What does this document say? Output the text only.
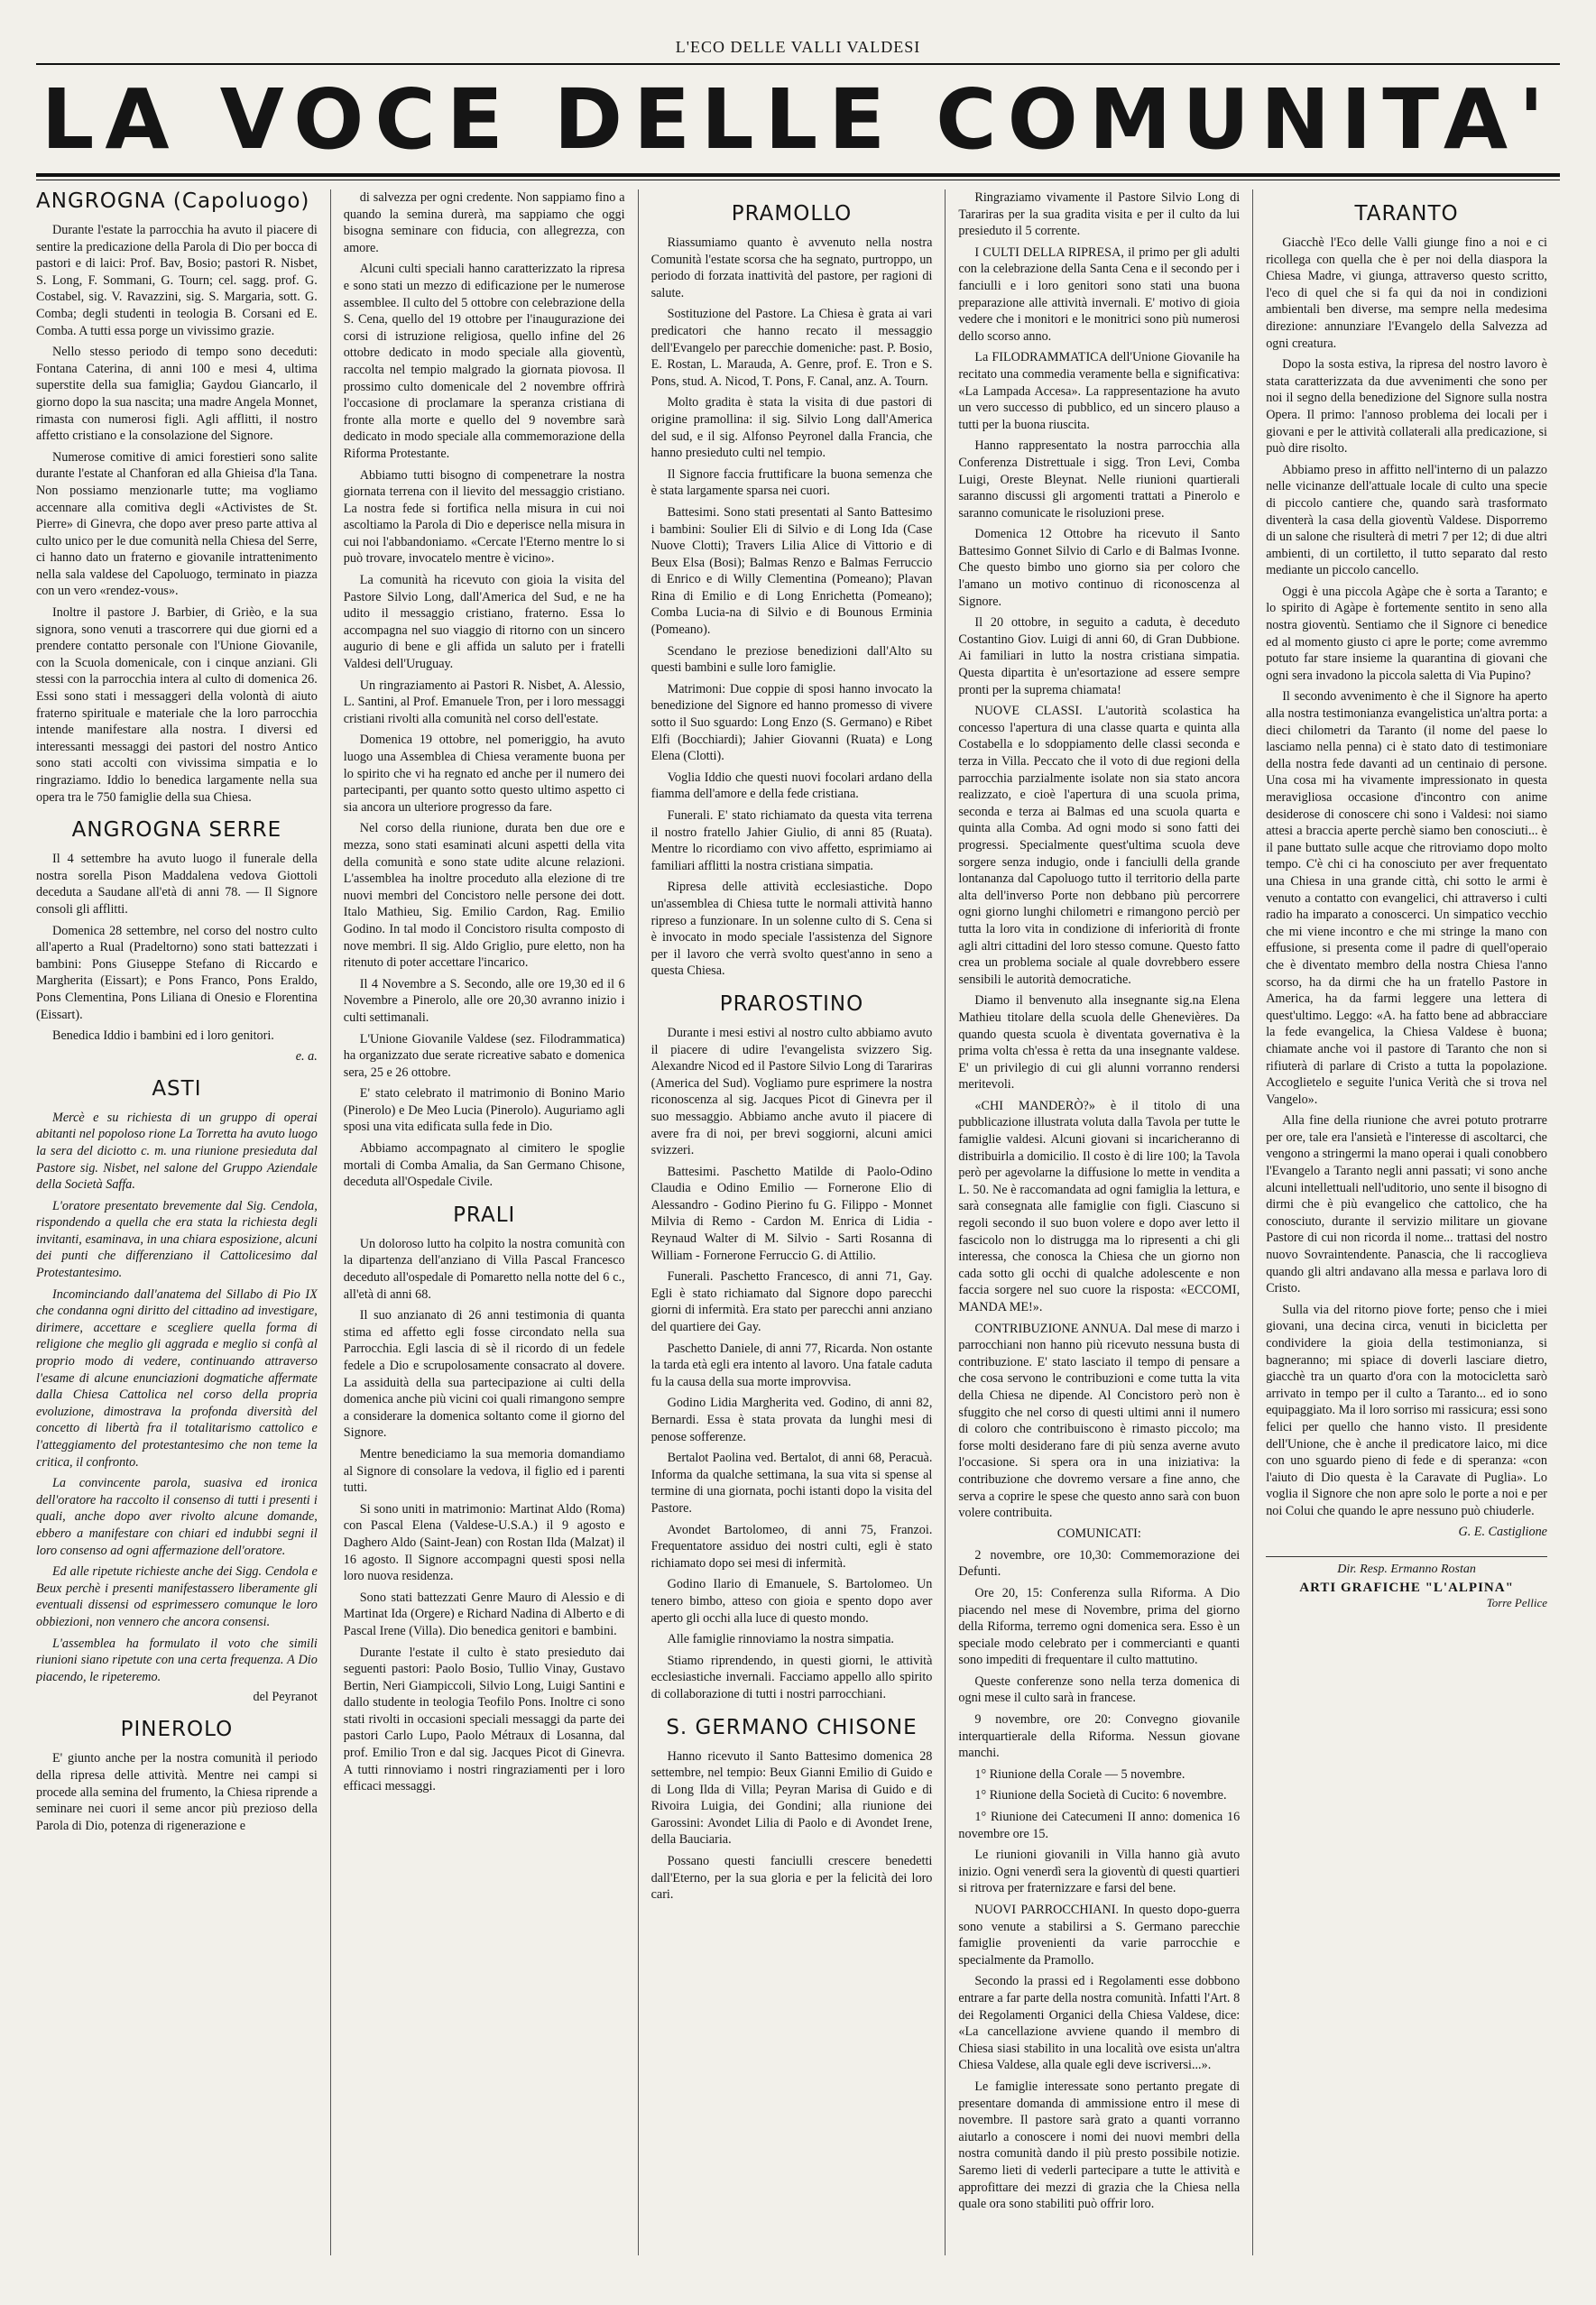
L'ECO DELLE VALLI VALDESI
LA VOCE DELLE COMUNITA'
ANGROGNA (Capoluogo)

Durante l'estate la parrocchia ha avuto il piacere di sentire la predicazione della Parola di Dio per bocca di pastori e di laici: Prof. Bav, Bosio; pastori R. Nisbet, S. Long, F. Sommani, G. Tourn; cel. sagg. prof. G. Costabel, sig. V. Ravazzini, sig. S. Margaria, sott. G. Comba; degli studenti in teologia B. Corsani ed E. Comba. A tutti essa porge un vivissimo grazie.

Nello stesso periodo di tempo sono deceduti: Fontana Caterina, di anni 100 e mesi 4, ultima superstite della sua famiglia; Gaydou Giancarlo, il giorno dopo la sua nascita; una madre Angela Monnet, rimasta con numerosi figli. Agli afflitti, il nostro affetto cristiano e la consolazione del Signore.

Numerose comitive di amici forestieri sono salite durante l'estate al Chanforan ed alla Ghieisa d'la Tana. Non possiamo menzionarle tutte; ma vogliamo accennare alla comitiva degli «Activistes de St. Pierre» di Ginevra, che dopo aver preso parte attiva al culto unico per le due comunità nella Chiesa del Serre, ci hanno dato un fraterno e giovanile intrattenimento nella sala valdese del Capoluogo, terminato in piazza con un vero «rendez-vous».

Inoltre il pastore J. Barbier, di Grièo, e la sua signora, sono venuti a trascorrere qui due giorni ed a prendere contatto personale con l'Unione Giovanile, con la Scuola domenicale, con i cinque anziani. Gli stessi con la parrocchia intera al culto di domenica 26. Essi sono stati i messaggeri della volontà di aiuto fraterno spirituale e materiale che la loro parrocchia intende manifestare alla nostra. I diversi ed interessanti messaggi dei pastori del nostro Antico sono stati accolti con vivissima simpatia e lo ringraziamo. Iddio lo benedica largamente nella sua opera tra le 750 famiglie della sua Chiesa.

ANGROGNA SERRE

Il 4 settembre ha avuto luogo il funerale della nostra sorella Pison Maddalena vedova Giottoli deceduta a Saudane all'età di anni 78. — Il Signore consoli gli afflitti.

Domenica 28 settembre, nel corso del nostro culto all'aperto a Rual (Pradeltorno) sono stati battezzati i bambini: Pons Giuseppe Stefano di Riccardo e Margherita (Eissart); e Pons Franco, Pons Eraldo, Pons Clementina, Pons Liliana di Onesio e Florentina (Eissart).

Benedica Iddio i bambini ed i loro genitori.

e. a.
ASTI

Mercè e su richiesta di un gruppo di operai abitanti nel popoloso rione La Torretta ha avuto luogo la sera del diciotto c. m. una riunione presieduta dal Pastore sig. Nisbet, nel salone del Gruppo Aziendale della Società Saffa.

L'oratore presentato brevemente dal Sig. Cendola, rispondendo a quella che era stata la richiesta degli invitanti, esaminava, in una chiara esposizione, alcuni dei punti che differenziano il Cattolicesimo dal Protestantesimo.

Incominciando dall'anatema del Sillabo di Pio IX che condanna ogni diritto del cittadino ad investigare, dirimere, accettare e scegliere quella forma di religione che meglio gli aggrada e meglio si confà al proprio modo di vedere, continuando attraverso l'esame di alcune enunciazioni dogmatiche affermate dalla Chiesa Cattolica nel corso della propria evoluzione, dimostrava la profonda diversità del concetto di libertà fra il totalitarismo cattolico e l'atteggiamento del protestantesimo che non teme la critica, il confronto.

La convincente parola, suasiva ed ironica dell'oratore ha raccolto il consenso di tutti i presenti i quali, anche dopo aver rivolto alcune domande, ebbero a manifestare con chiari ed indubbi segni il loro consenso ad ogni affermazione dell'oratore.

Ed alle ripetute richieste anche dei Sigg. Cendola e Beux perchè i presenti manifestassero liberamente gli eventuali dissensi od esprimessero comunque le loro obbiezioni, non vennero che ancora consensi.

L'assemblea ha formulato il voto che simili riunioni siano ripetute con una certa frequenza. A Dio piacendo, le ripeteremo.

del Peyranot
PINEROLO

E' giunto anche per la nostra comunità il periodo della ripresa delle attività. Mentre nei campi si procede alla semina del frumento, la Chiesa riprende a seminare nei cuori il seme ancor più prezioso della Parola di Dio, potenza di rigenerazione e

di salvezza per ogni credente. Non sappiamo fino a quando la semina durerà, ma sappiamo che oggi bisogna seminare con fiducia, con allegrezza, con amore.

Alcuni culti speciali hanno caratterizzato la ripresa e sono stati un mezzo di edificazione per le numerose assemblee. Il culto del 5 ottobre con celebrazione della S. Cena, quello del 19 ottobre per l'inaugurazione dei corsi di istruzione religiosa, quello infine del 26 ottobre dedicato in modo speciale alla gioventù, raccolta nel tempio malgrado la giornata piovosa. Il prossimo culto domenicale del 2 novembre offrirà l'occasione di proclamare la speranza cristiana di fronte alla morte e quello del 9 novembre sarà dedicato in modo speciale alla commemorazione della Riforma Protestante.

Abbiamo tutti bisogno di compenetrare la nostra giornata terrena con il lievito del messaggio cristiano. La nostra fede si fortifica nella misura in cui noi ascoltiamo la Parola di Dio e deperisce nella misura in cui noi l'abbandoniamo. «Cercate l'Eterno mentre lo si può trovare, invocatelo mentre è vicino».

La comunità ha ricevuto con gioia la visita del Pastore Silvio Long, dall'America del Sud, e ne ha udito il messaggio cristiano, fraterno. Essa lo accompagna nel suo viaggio di ritorno con un sincero augurio di bene e gli affida un saluto per i fratelli Valdesi dell'Uruguay.

Un ringraziamento ai Pastori R. Nisbet, A. Alessio, L. Santini, al Prof. Emanuele Tron, per i loro messaggi cristiani rivolti alla comunità nel corso dell'estate.

Domenica 19 ottobre, nel pomeriggio, ha avuto luogo una Assemblea di Chiesa veramente buona per lo spirito che vi ha regnato ed anche per il numero dei partecipanti, per quanto sotto questo ultimo aspetto ci sia ancora un ulteriore progresso da fare.

Nel corso della riunione, durata ben due ore e mezza, sono stati esaminati alcuni aspetti della vita della comunità e sono state udite alcune relazioni. L'assemblea ha inoltre proceduto alla elezione di tre nuovi membri del Concistoro nelle persone dei dott. Italo Mathieu, Sig. Emilio Cardon, Rag. Emilio Godino. In tal modo il Concistoro risulta composto di nove membri. Il sig. Aldo Griglio, pure eletto, non ha ritenuto di poter accettare l'incarico.

Il 4 Novembre a S. Secondo, alle ore 19,30 ed il 6 Novembre a Pinerolo, alle ore 20,30 avranno inizio i culti settimanali.

L'Unione Giovanile Valdese (sez. Filodrammatica) ha organizzato due serate ricreative sabato e domenica sera, 25 e 26 ottobre.

E' stato celebrato il matrimonio di Bonino Mario (Pinerolo) e De Meo Lucia (Pinerolo). Auguriamo agli sposi una vita edificata sulla fede in Dio.

Abbiamo accompagnato al cimitero le spoglie mortali di Comba Amalia, da San Germano Chisone, deceduta all'Ospedale Civile.

PRALI

Un doloroso lutto ha colpito la nostra comunità con la dipartenza dell'anziano di Villa Pascal Francesco deceduto all'ospedale di Pomaretto nella notte del 6 c., all'età di anni 68.

Il suo anzianato di 26 anni testimonia di quanta stima ed affetto egli fosse circondato nella sua Parrocchia. Egli lascia di sè il ricordo di un fedele fedele a Dio e scrupolosamente consacrato al dovere. La assiduità della sua partecipazione ai culti della domenica anche più vicini coi quali rimangono sempre a considerare la domenica soltanto come il giorno del Signore.

Mentre benediciamo la sua memoria domandiamo al Signore di consolare la vedova, il figlio ed i parenti tutti.

Si sono uniti in matrimonio: Martinat Aldo (Roma) con Pascal Elena (Valdese-U.S.A.) il 9 agosto e Daghero Aldo (Saint-Jean) con Rostan Ilda (Malzat) il 16 agosto. Il Signore accompagni questi sposi nella loro nuova residenza.

Sono stati battezzati Genre Mauro di Alessio e di Martinat Ida (Orgere) e Richard Nadina di Alberto e di Pascal Irene (Villa). Dio benedica genitori e bambini.

Durante l'estate il culto è stato presieduto dai seguenti pastori: Paolo Bosio, Tullio Vinay, Gustavo Bertin, Neri Giampiccoli, Silvio Long, Luigi Santini e dallo studente in teologia Teofilo Pons. Inoltre ci sono stati rivolti in occasioni speciali messaggi da parte dei pastori Carlo Lupo, Paolo Métraux di Losanna, dal prof. Emilio Tron e dal sig. Jacques Picot di Ginevra. A tutti rinnoviamo i nostri ringraziamenti per i loro efficaci messaggi.

PRAMOLLO

Riassumiamo quanto è avvenuto nella nostra Comunità l'estate scorsa che ha segnato, purtroppo, un periodo di forzata inattività del pastore, per ragioni di salute.

Sostituzione del Pastore. La Chiesa è grata ai vari predicatori che hanno recato il messaggio dell'Evangelo per parecchie domeniche: past. P. Bosio, E. Rostan, L. Marauda, A. Genre, prof. E. Tron e S. Pons, stud. A. Nicod, T. Pons, F. Canal, anz. A. Tourn.

Molto gradita è stata la visita di due pastori di origine pramollina: il sig. Silvio Long dall'America del sud, e il sig. Alfonso Peyronel dalla Francia, che hanno presieduto culti nel tempio.

Il Signore faccia fruttificare la buona semenza che è stata largamente sparsa nei cuori.

Battesimi. Sono stati presentati al Santo Battesimo i bambini: Soulier Eli di Silvio e di Long Ida (Case Nuove Clotti); Travers Lilia Alice di Vittorio e di Beux Elsa (Bosi); Balmas Renzo e Balmas Ferruccio di Enrico e di Willy Clementina (Pomeano); Plavan Rina di Emilio e di Long Enrichetta (Pomeano); Comba Lucia-na di Silvio e di Bounous Erminia (Pomeano).

Scendano le preziose benedizioni dall'Alto su questi bambini e sulle loro famiglie.

Matrimoni: Due coppie di sposi hanno invocato la benedizione del Signore ed hanno promesso di vivere sotto il Suo sguardo: Long Enzo (S. Germano) e Ribet Elfi (Bocchiardi); Jahier Giovanni (Ruata) e Long Elena (Clotti).

Voglia Iddio che questi nuovi focolari ardano della fiamma dell'amore e della fede cristiana.

Funerali. E' stato richiamato da questa vita terrena il nostro fratello Jahier Giulio, di anni 85 (Ruata). Mentre lo ricordiamo con vivo affetto, esprimiamo ai familiari afflitti la nostra cristiana simpatia.

Ripresa delle attività ecclesiastiche. Dopo un'assemblea di Chiesa tutte le normali attività hanno ripreso a funzionare. In un solenne culto di S. Cena si è invocato in modo speciale l'assistenza del Signore per il lavoro che verrà svolto quest'anno in seno a questa Chiesa.

PRAROSTINO

Durante i mesi estivi al nostro culto abbiamo avuto il piacere di udire l'evangelista svizzero Sig. Alexandre Nicod ed il Pastore Silvio Long di Tarariras (America del Sud). Vogliamo pure esprimere la nostra riconoscenza al sig. Jacques Picot di Ginevra per il suo messaggio. Abbiamo anche avuto il piacere di avere fra di noi, per brevi soggiorni, alcuni amici svizzeri.

Battesimi. Paschetto Matilde di Paolo-Odino Claudia e Odino Emilio — Fornerone Elio di Alessandro - Godino Pierino fu G. Filippo - Monnet Milvia di Remo - Cardon M. Enrica di Lidia - Reynaud Walter di M. Silvio - Sarti Rosanna di William - Fornerone Ferruccio G. di Attilio.

Funerali. Paschetto Francesco, di anni 71, Gay. Egli è stato richiamato dal Signore dopo parecchi giorni di infermità. Era stato per parecchi anni anziano del quartiere dei Gay.

Paschetto Daniele, di anni 77, Ricarda. Non ostante la tarda età egli era intento al lavoro. Una fatale caduta fu la causa della sua morte improvvisa.

Godino Lidia Margherita ved. Godino, di anni 82, Bernardi. Essa è stata provata da lunghi mesi di penose sofferenze.

Bertalot Paolina ved. Bertalot, di anni 68, Peracuà. Informa da qualche settimana, la sua vita si spense al termine di una giornata, pochi istanti dopo la visita del Pastore.

Avondet Bartolomeo, di anni 75, Franzoi. Frequentatore assiduo dei nostri culti, egli è stato richiamato dopo sei mesi di infermità.

Godino Ilario di Emanuele, S. Bartolomeo. Un tenero bimbo, atteso con gioia e spento dopo aver aperto gli occhi alla luce di questo mondo.

Alle famiglie rinnoviamo la nostra simpatia.

Stiamo riprendendo, in questi giorni, le attività ecclesiastiche invernali. Facciamo appello allo spirito di collaborazione di tutti i nostri parrocchiani.

S. GERMANO CHISONE

Hanno ricevuto il Santo Battesimo domenica 28 settembre, nel tempio: Beux Gianni Emilio di Guido e di Long Ilda di Villa; Peyran Marisa di Guido e di Rivoira Luigia, dei Gondini; alla riunione dei Garossini: Avondet Lilia di Paolo e di Avondet Irene, della Bauciaria.

Possano questi fanciulli crescere benedetti dall'Eterno, per la sua gloria e per la felicità dei loro cari.

Ringraziamo vivamente il Pastore Silvio Long di Tarariras per la sua gradita visita e per il culto da lui presieduto il 5 corrente.

I CULTI DELLA RIPRESA, il primo per gli adulti con la celebrazione della Santa Cena e il secondo per i fanciulli e i loro genitori sono stati una buona preparazione alle attività invernali. E' motivo di gioia vedere che i monitori e le monitrici sono più numerosi dello scorso anno.

La FILODRAMMATICA dell'Unione Giovanile ha recitato una commedia veramente bella e significativa: «La Lampada Accesa». La rappresentazione ha avuto un vero successo di pubblico, ed un sincero plauso a tutti per la buona riuscita.

Hanno rappresentato la nostra parrocchia alla Conferenza Distrettuale i sigg. Tron Levi, Comba Luigi, Oreste Bleynat. Nelle riunioni quartierali saranno discussi gli argomenti trattati a Pinerolo e saranno comunicate le risoluzioni prese.

Domenica 12 Ottobre ha ricevuto il Santo Battesimo Gonnet Silvio di Carlo e di Balmas Ivonne. Che questo bimbo uno giorno sia per coloro che l'amano un motivo continuo di riconoscenza al Signore.

Il 20 ottobre, in seguito a caduta, è deceduto Costantino Giov. Luigi di anni 60, di Gran Dubbione. Ai familiari in lutto la nostra cristiana simpatia. Questa dipartita è un'esortazione ad essere sempre pronti per la suprema chiamata!

NUOVE CLASSI. L'autorità scolastica ha concesso l'apertura di una classe quarta e quinta alla Costabella e lo sdoppiamento delle classi seconda e terza in Villa. Peccato che il voto di due regioni della parrocchia parzialmente isolate non sia stato ancora realizzato, e cioè l'apertura di una scuola prima, seconda e terza ai Balmas ed una scuola quarta e quinta alla Comba. Ad ogni modo si sono fatti dei progressi. Specialmente quest'ultima scuola deve sorgere senza indugio, onde i fanciulli della grande lontananza dal Capoluogo tutto il territorio della parte alta dell'inverso Porte non debbano più percorrere ogni giorno lunghi chilometri e rimangono perciò per tutta la loro vita in condizione di inferiorità di fronte agli altri cittadini del loro stesso comune. Questo fatto crea un problema sociale al quale dovrebbero essere sensibili le autorità democratiche.

Diamo il benvenuto alla insegnante sig.na Elena Mathieu titolare della scuola delle Ghenevières. Da quando questa scuola è diventata governativa è la prima volta ch'essa è retta da una insegnante valdese. E' un privilegio di cui gli alunni vorranno rendersi meritevoli.

«CHI MANDERÒ?» è il titolo di una pubblicazione illustrata voluta dalla Tavola per tutte le famiglie valdesi. Alcuni giovani si incaricheranno di distribuirla a domicilio. Il costo è di lire 100; la Tavola però per agevolarne la diffusione lo mette in vendita a L. 50. Ne è raccomandata ad ogni famiglia la lettura, e sarà consegnata alle famiglie con figli. Ciascuno si regoli secondo il suo buon volere e dopo aver letto il fascicolo non lo distrugga ma lo ripresenti a chi gli interessa, che conosca la Chiesa che un giorno non cada sotto gli occhi di qualche adolescente e non faccia sorgere nel suo cuore la risposta: «ECCOMI, MANDA ME!».

CONTRIBUZIONE ANNUA. Dal mese di marzo i parrocchiani non hanno più ricevuto nessuna busta di contribuzione. E' stato lasciato il tempo di pensare a che cosa servono le contribuzioni e come tutta la vita della Chiesa ne dipende. Al Concistoro però non è sfuggito che nel corso di questi ultimi anni il numero di coloro che contribuiscono è rimasto piccolo; ma forse molti desiderano fare di più senza averne avuto l'occasione. Si spera ora in una iniziativa: la contribuzione che dovremo versare a fine anno, che serva a coprire le spese che questo anno sarà con buon volere contribuita.

COMUNICATI:

2 novembre, ore 10,30: Commemorazione dei Defunti.

Ore 20, 15: Conferenza sulla Riforma. A Dio piacendo nel mese di Novembre, prima del giorno della Riforma, terremo ogni domenica sera. Esso è un speciale modo celebrato per i commercianti e quanti sono impediti di frequentare il culto mattutino.

Queste conferenze sono nella terza domenica di ogni mese il culto sarà in francese.

9 novembre, ore 20: Convegno giovanile interquartierale della Riforma. Nessun giovane manchi.

1° Riunione della Corale — 5 novembre.

1° Riunione della Società di Cucito: 6 novembre.

1° Riunione dei Catecumeni II anno: domenica 16 novembre ore 15.

Le riunioni giovanili in Villa hanno già avuto inizio. Ogni venerdì sera la gioventù di questi quartieri si ritrova per fraternizzare e farsi del bene.

NUOVI PARROCCHIANI. In questo dopo-guerra sono venute a stabilirsi a S. Germano parecchie famiglie provenienti da varie parrocchie e specialmente da Pramollo.

Secondo la prassi ed i Regolamenti esse dobbono entrare a far parte della nostra comunità. Infatti l'Art. 8 dei Regolamenti Organici della Chiesa Valdese, dice: «La cancellazione avviene quando il membro di Chiesa siasi stabilito in una località ove esista un'altra Chiesa Valdese, alla quale egli deve iscriversi...».

Le famiglie interessate sono pertanto pregate di presentare domanda di ammissione entro il mese di novembre. Il pastore sarà grato a quanti vorranno aiutarlo a conoscere i nomi dei nuovi membri della nostra comunità dando il più presto possibile notizie. Saremo lieti di vederli partecipare a tutte le attività e approfittare dei mezzi di grazia che la Chiesa nella quale ora sono stabiliti può offrir loro.

TARANTO

Giacchè l'Eco delle Valli giunge fino a noi e ci ricollega con quella che è per noi della diaspora la Chiesa Madre, vi giunga, attraverso questo scritto, l'eco di quel che si fa qui da noi in condizioni ambientali ben diverse, ma sempre nella medesima direzione: annunziare l'Evangelo della Salvezza ad ogni creatura.

Dopo la sosta estiva, la ripresa del nostro lavoro è stata caratterizzata da due avvenimenti che sono per noi il segno della benedizione del Signore sulla nostra Opera. Il primo: l'annoso problema dei locali per i giovani e per le attività collaterali alla predicazione, si può dire risolto.

Abbiamo preso in affitto nell'interno di un palazzo nelle vicinanze dell'attuale locale di culto una specie di piccolo cantiere che, quando sarà trasformato diventerà la casa della gioventù Valdese. Disporremo di un salone che risulterà di metri 7 per 12; di due altri ambienti, di un cortiletto, il tutto separato dal resto mediante un piccolo cancello.

Oggi è una piccola Agàpe che è sorta a Taranto; e lo spirito di Agàpe è fortemente sentito in seno alla nostra gioventù. Sentiamo che il Signore ci benedice ed al momento giusto ci apre le porte; come avremmo potuto far stare insieme la quarantina di giovani che ogni sera invadono la piccola saletta di Via Pupino?

Il secondo avvenimento è che il Signore ha aperto alla nostra testimonianza evangelistica un'altra porta: a dieci chilometri da Taranto (il nome del paese lo lasciamo nella penna) ci è stato dato di testimoniare della nostra fede davanti ad un centinaio di persone. Una cosa mi ha vivamente impressionato in questa meravigliosa occasione d'incontro con anime desiderose di conoscere chi sono i Valdesi: noi siamo attesi a braccia aperte perchè siamo ben conosciuti... è il pane buttato sulle acque che ritroviamo dopo molto tempo. C'è chi ci ha conosciuto per aver frequentato una Chiesa in una grande città, chi sotto le armi è venuto a contatto con evangelici, chi attraverso i culti radio ha imparato a conoscerci. Un simpatico vecchio che mi viene incontro e che mi stringe la mano con effusione, si presenta come il padre di quell'operaio che è diventato membro della nostra Chiesa l'anno scorso, ha da dirmi che ha un fratello Pastore in America, ha da farmi leggere una lettera di quest'ultimo. Leggo: «A. ha fatto bene ad abbracciare la fede evangelica, la Chiesa Valdese è buona; chiamate anche voi il pastore di Taranto che non si rifiuterà di parlare di Cristo a tutta la popolazione. Accoglietelo e seguite l'unica Verità che si trova nel Vangelo».

Alla fine della riunione che avrei potuto protrarre per ore, tale era l'ansietà e l'interesse di ascoltarci, che vengono a stringermi la mano operai i quali conobbero l'Evangelo a Taranto negli anni passati; vi sono anche alcuni intellettuali nell'uditorio, uno sente il bisogno di dirmi che è più evangelico che cattolico, che ha conosciuto, durante il servizio militare un giovane Pastore di cui non ricorda il nome... trattasi del nostro nuovo Sovraintendente. Panascia, che li raccoglieva quando gli altri andavano alla messa e parlava loro di Cristo.

Sulla via del ritorno piove forte; penso che i miei giovani, una decina circa, venuti in bicicletta per condividere la gioia della testimonianza, si bagneranno; mi spiace di doverli lasciare dietro, giacchè tra un quarto d'ora con la motocicletta sarò arrivato in tempo per il culto a Taranto... ed io sono equipaggiato. Ma il loro sorriso mi rassicura; essi sono felici per quello che hanno visto. Il presidente dell'Unione, che è anche il predicatore laico, mi dice con uno sguardo pieno di fede e di speranza: «con l'aiuto di Dio questa è la Caravate di Puglia». Lo voglia il Signore che non apre solo le porte a noi e per noi Colui che quando le apre nessuno può chiuderle.

G. E. Castiglione
Dir. Resp. Ermanno Rostan
ARTI GRAFICHE "L'ALPINA"
Torre Pellice
